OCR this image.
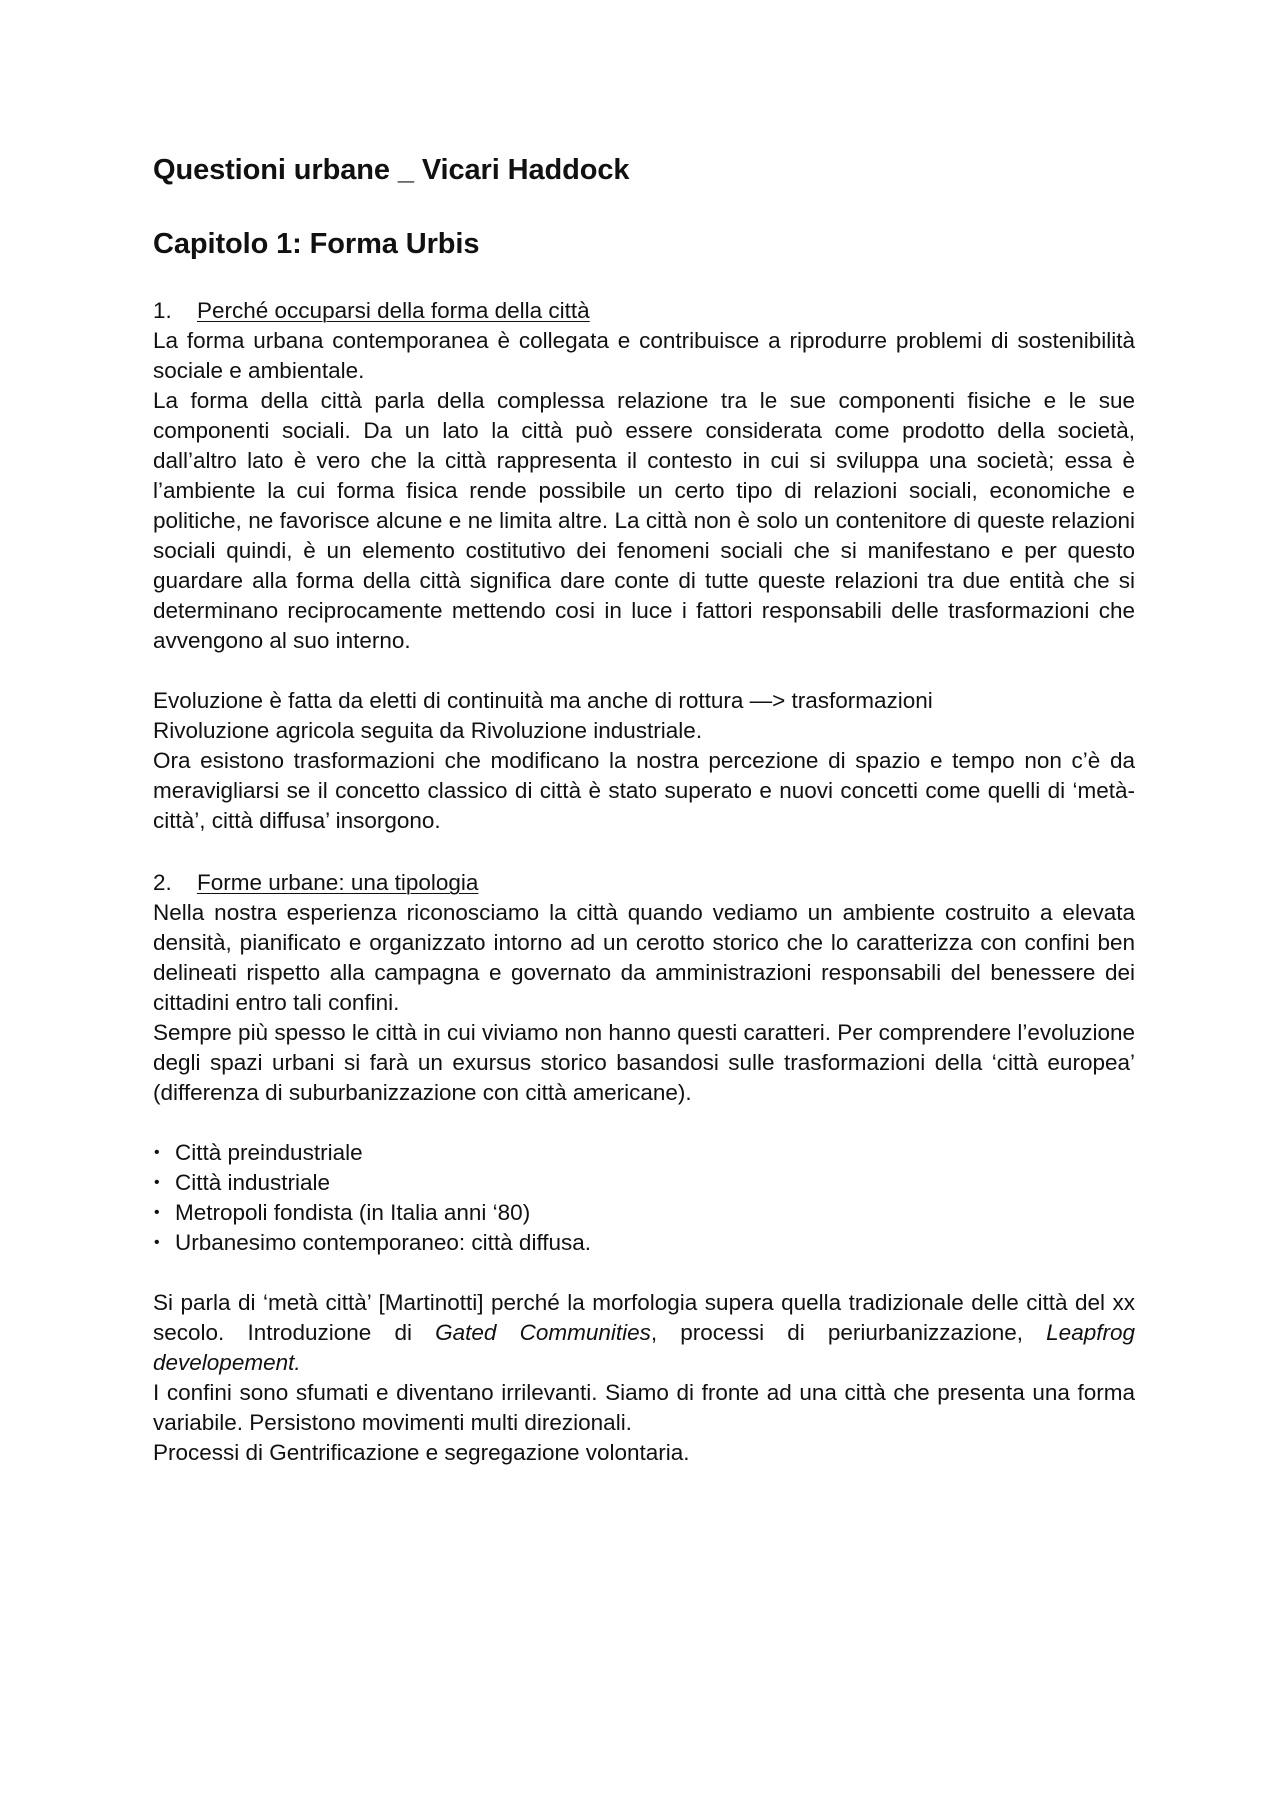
Questioni urbane _ Vicari Haddock
Capitolo 1: Forma Urbis
1. Perché occuparsi della forma della città

La forma urbana contemporanea è collegata e contribuisce a riprodurre problemi di sostenibilità sociale e ambientale.

La forma della città parla della complessa relazione tra le sue componenti fisiche e le sue componenti sociali. Da un lato la città può essere considerata come prodotto della società, dall’altro lato è vero che la città rappresenta il contesto in cui si sviluppa una società; essa è l’ambiente la cui forma fisica rende possibile un certo tipo di relazioni sociali, economiche e politiche, ne favorisce alcune e ne limita altre. La città non è solo un contenitore di queste relazioni sociali quindi, è un elemento costitutivo dei fenomeni sociali che si manifestano e per questo guardare alla forma della città significa dare conte di tutte queste relazioni tra due entità che si determinano reciprocamente mettendo cosi in luce i fattori responsabili delle trasformazioni che avvengono al suo interno.

Evoluzione è fatta da eletti di continuità ma anche di rottura —> trasformazioni

Rivoluzione agricola seguita da Rivoluzione industriale.

Ora esistono trasformazioni che modificano la nostra percezione di spazio e tempo non c’è da meravigliarsi se il concetto classico di città è stato superato e nuovi concetti come quelli di ‘metà-città’, città diffusa’ insorgono.

2. Forme urbane: una tipologia

Nella nostra esperienza riconosciamo la città quando vediamo un ambiente costruito a elevata densità, pianificato e organizzato intorno ad un cerotto storico che lo caratterizza con confini ben delineati rispetto alla campagna e governato da amministrazioni responsabili del benessere dei cittadini entro tali confini.

Sempre più spesso le città in cui viviamo non hanno questi caratteri. Per comprendere l’evoluzione degli spazi urbani si farà un exursus storico basandosi sulle trasformazioni della ‘città europea’ (differenza di suburbanizzazione con città americane).

• Città preindustriale
• Città industriale
• Metropoli fondista (in Italia anni ‘80)
• Urbanesimo contemporaneo: città diffusa.

Si parla di ‘metà città’ [Martinotti] perché la morfologia supera quella tradizionale delle città del xx secolo. Introduzione di Gated Communities, processi di periurbanizzazione, Leapfrog developement.

I confini sono sfumati e diventano irrilevanti. Siamo di fronte ad una città che presenta una forma variabile. Persistono movimenti multi direzionali.

Processi di Gentrificazione e segregazione volontaria.
